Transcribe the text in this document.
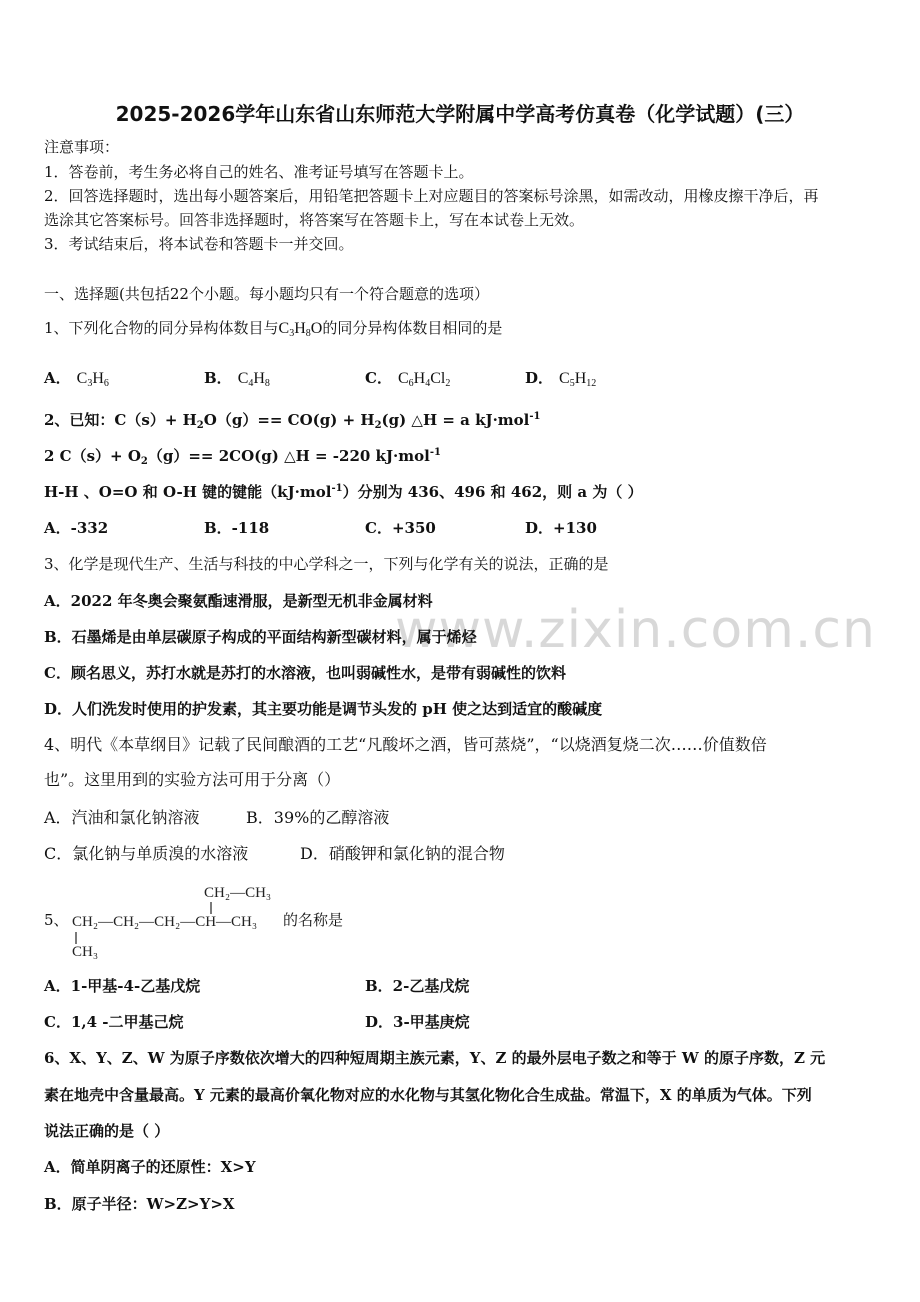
www.zixin.com.cn
2025-2026学年山东省山东师范大学附属中学高考仿真卷（化学试题）(三）
注意事项：
1．答卷前，考生务必将自己的姓名、准考证号填写在答题卡上。
2．回答选择题时，选出每小题答案后，用铅笔把答题卡上对应题目的答案标号涂黑，如需改动，用橡皮擦干净后，再
选涂其它答案标号。回答非选择题时，将答案写在答题卡上，写在本试卷上无效。
3．考试结束后，将本试卷和答题卡一并交回。
一、选择题(共包括22个小题。每小题均只有一个符合题意的选项）
1、下列化合物的同分异构体数目与$C_3H_8O$的同分异构体数目相同的是
A． $C_3H_6$	B． $C_4H_8$	C． $C_6H_4Cl_2$	D． $C_5H_{12}$
2、已知：$C(s)+ H_2O(g)== CO(g) + H_2(g)$ △H = a kJ·mol$^{-1}$
2 $C(s)+ O_2(g)== 2CO(g)$ △H = -220 kJ·mol$^{-1}$
H-H 、O=O 和 O-H 键的键能（kJ·mol$^{-1}$）分别为 436、496 和 462，则 a 为（ ）
A．-332	B．-118	C．+350	D．+130
3、化学是现代生产、生活与科技的中心学科之一，下列与化学有关的说法，正确的是
A．2022 年冬奥会聚氨酯速滑服，是新型无机非金属材料
B．石墨烯是由单层碳原子构成的平面结构新型碳材料，属于烯烃
C．顾名思义，苏打水就是苏打的水溶液，也叫弱碱性水，是带有弱碱性的饮料
D．人们洗发时使用的护发素，其主要功能是调节头发的 pH 使之达到适宜的酸碱度
4、明代《本草纲目》记载了民间酿酒的工艺“凡酸坏之酒，皆可蒸烧”，“以烧酒复烧二次……价值数倍
也”。这里用到的实验方法可用于分离（）
A．汽油和氯化钠溶液	B．39%的乙醇溶液
C．氯化钠与单质溴的水溶液	D．硝酸钾和氯化钠的混合物
5、
CH₂—CH₃
CH₂—CH₂—CH₂—CH—CH₃
CH₃
的名称是
A．1-甲基-4-乙基戊烷	B．2-乙基戊烷
C．1,4 -二甲基己烷	D．3-甲基庚烷
6、X、Y、Z、W 为原子序数依次增大的四种短周期主族元素，Y、Z 的最外层电子数之和等于 W 的原子序数，Z 元
素在地壳中含量最高。Y 元素的最高价氧化物对应的水化物与其氢化物化合生成盐。常温下，X 的单质为气体。下列
说法正确的是（ ）
A．简单阴离子的还原性：X>Y
B．原子半径：W>Z>Y>X
